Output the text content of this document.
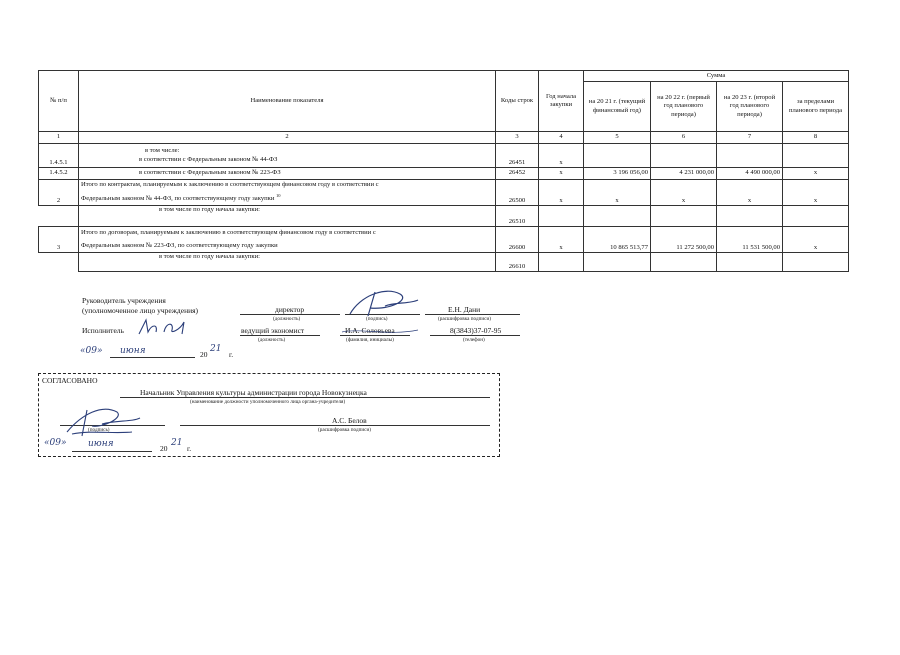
№ п/п	Наименование показателя	Коды строк	Год начала закупки	Сумма			
				на 20 21 г. (текущий финансовый год)	на 20 22 г. (первый год планового периода)	на 20 23 г. (второй год планового периода)	за пределами планового периода
1	2	3	4	5	6	7	8
1.4.5.1	в том числе:
в соответствии с Федеральным законом № 44-ФЗ	26451	х				
1.4.5.2	в соответствии с Федеральным законом № 223-ФЗ	26452	х	3 196 056,00	4 231 000,00	4 490 000,00	х
2	Итого по контрактам, планируемым к заключению в соответствующем финансовом году в соответствии с
Федеральным законом № 44-ФЗ, по соответствующему году закупки $^{10}$	26500	х	х	х	х	х
	в том числе по году начала закупки:	26510					
3	Итого по договорам, планируемым к заключению в соответствующем финансовом году в соответствии с
Федеральным законом № 223-ФЗ, по соответствующему году закупки	26600	х	10 865 513,77	11 272 500,00	11 531 500,00	х
	в том числе по году начала закупки:	26610					
Руководитель учреждения
(уполномоченное лицо учреждения)	директор	Е.Н. Дани
(должность)	(подпись)	(расшифровка подписи)
Исполнитель	ведущий экономист	И.А. Соловьева	8(3843)37-07-95
(должность)	(фамилия, инициалы)	(телефон)
«09» июня	20
21
г.
СОГЛАСОВАНО
Начальник Управления культуры администрации города Новокузнецка
(наименование должности уполномоченного лица органа-учредителя)
А.С. Белов
(подпись)	(расшифровка подписи)
«09» июня	20
21
г.
